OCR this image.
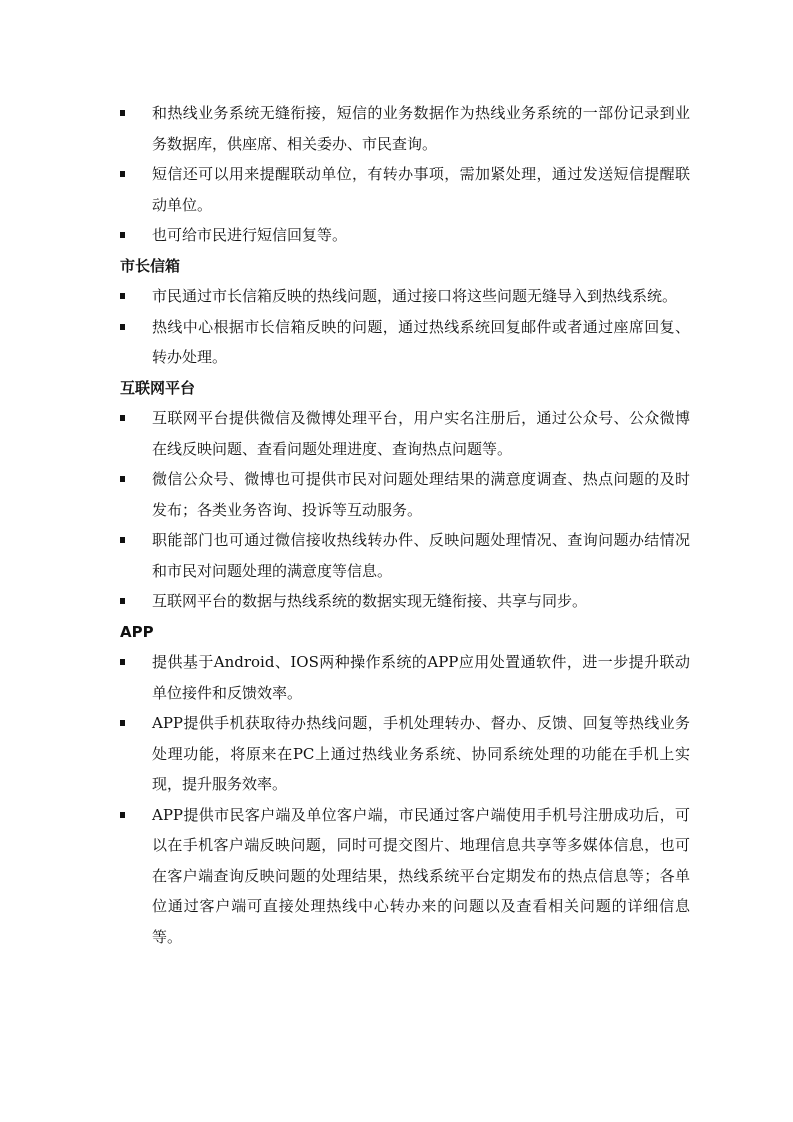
和热线业务系统无缝衔接，短信的业务数据作为热线业务系统的一部份记录到业务数据库，供座席、相关委办、市民查询。
短信还可以用来提醒联动单位，有转办事项，需加紧处理，通过发送短信提醒联动单位。
也可给市民进行短信回复等。
市长信箱
市民通过市长信箱反映的热线问题，通过接口将这些问题无缝导入到热线系统。
热线中心根据市长信箱反映的问题，通过热线系统回复邮件或者通过座席回复、转办处理。
互联网平台
互联网平台提供微信及微博处理平台，用户实名注册后，通过公众号、公众微博在线反映问题、查看问题处理进度、查询热点问题等。
微信公众号、微博也可提供市民对问题处理结果的满意度调查、热点问题的及时发布；各类业务咨询、投诉等互动服务。
职能部门也可通过微信接收热线转办件、反映问题处理情况、查询问题办结情况和市民对问题处理的满意度等信息。
互联网平台的数据与热线系统的数据实现无缝衔接、共享与同步。
APP
提供基于Android、IOS两种操作系统的APP应用处置通软件，进一步提升联动单位接件和反馈效率。
APP提供手机获取待办热线问题，手机处理转办、督办、反馈、回复等热线业务处理功能，将原来在PC上通过热线业务系统、协同系统处理的功能在手机上实现，提升服务效率。
APP提供市民客户端及单位客户端，市民通过客户端使用手机号注册成功后，可以在手机客户端反映问题，同时可提交图片、地理信息共享等多媒体信息，也可在客户端查询反映问题的处理结果，热线系统平台定期发布的热点信息等；各单位通过客户端可直接处理热线中心转办来的问题以及查看相关问题的详细信息等。
